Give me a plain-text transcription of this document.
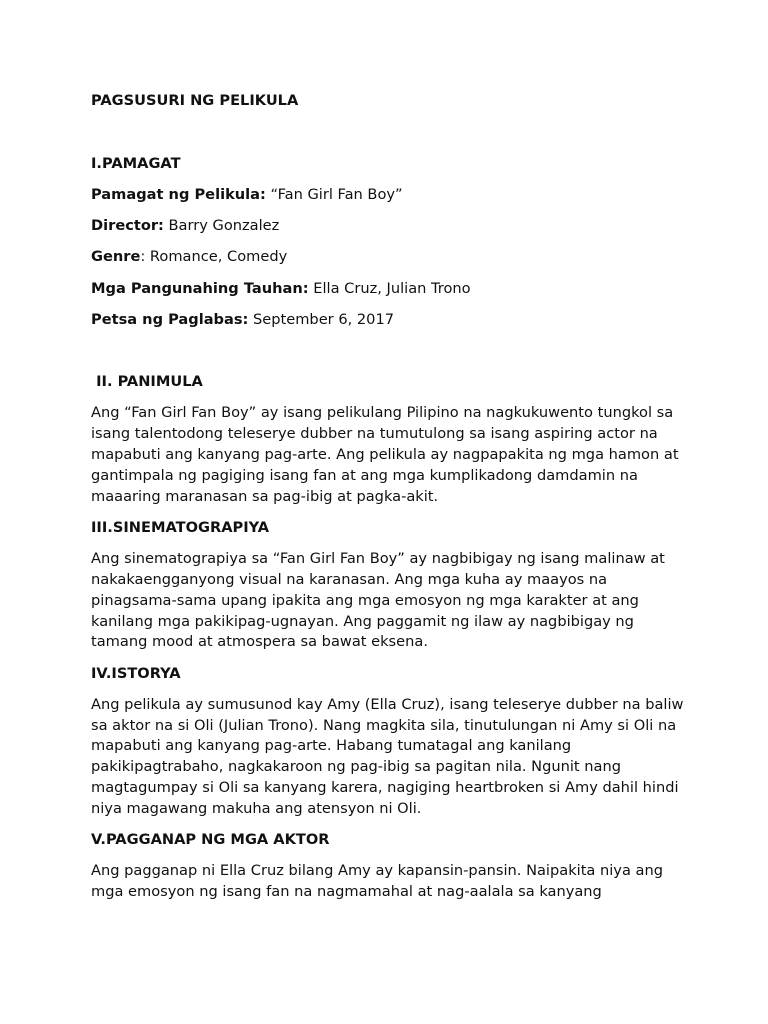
PAGSUSURI NG PELIKULA
I.PAMAGAT
Pamagat ng Pelikula: “Fan Girl Fan Boy”
Director: Barry Gonzalez
Genre: Romance, Comedy
Mga Pangunahing Tauhan: Ella Cruz, Julian Trono
Petsa ng Paglabas: September 6, 2017
II. PANIMULA
Ang “Fan Girl Fan Boy” ay isang pelikulang Pilipino na nagkukuwento tungkol sa isang talentodong teleserye dubber na tumutulong sa isang aspiring actor na mapabuti ang kanyang pag-arte. Ang pelikula ay nagpapakita ng mga hamon at gantimpala ng pagiging isang fan at ang mga kumplikadong damdamin na maaaring maranasan sa pag-ibig at pagka-akit.
III.SINEMATOGRAPIYA
Ang sinematograpiya sa “Fan Girl Fan Boy” ay nagbibigay ng isang malinaw at nakakaengganyong visual na karanasan. Ang mga kuha ay maayos na pinagsama-sama upang ipakita ang mga emosyon ng mga karakter at ang kanilang mga pakikipag-ugnayan. Ang paggamit ng ilaw ay nagbibigay ng tamang mood at atmospera sa bawat eksena.
IV.ISTORYA
Ang pelikula ay sumusunod kay Amy (Ella Cruz), isang teleserye dubber na baliw sa aktor na si Oli (Julian Trono). Nang magkita sila, tinutulungan ni Amy si Oli na mapabuti ang kanyang pag-arte. Habang tumatagal ang kanilang pakikipagtrabaho, nagkakaroon ng pag-ibig sa pagitan nila. Ngunit nang magtagumpay si Oli sa kanyang karera, nagiging heartbroken si Amy dahil hindi niya magawang makuha ang atensyon ni Oli.
V.PAGGANAP NG MGA AKTOR
Ang pagganap ni Ella Cruz bilang Amy ay kapansin-pansin. Naipakita niya ang mga emosyon ng isang fan na nagmamahal at nag-aalala sa kanyang
